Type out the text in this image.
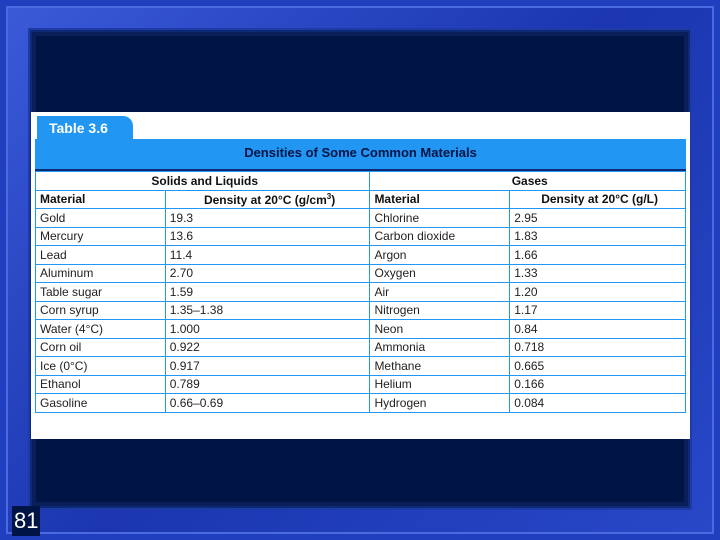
Table 3.6
Densities of Some Common Materials
Solids and Liquids		Gases	
Material	Density at 20°C $(g/cm^3)$	Material	Density at 20°C (g/L)
Gold	19.3	Chlorine	2.95
Mercury	13.6	Carbon dioxide	1.83
Lead	11.4	Argon	1.66
Aluminum	2.70	Oxygen	1.33
Table sugar	1.59	Air	1.20
Corn syrup	1.35–1.38	Nitrogen	1.17
Water (4°C)	1.000	Neon	0.84
Corn oil	0.922	Ammonia	0.718
Ice (0°C)	0.917	Methane	0.665
Ethanol	0.789	Helium	0.166
Gasoline	0.66–0.69	Hydrogen	0.084
81
